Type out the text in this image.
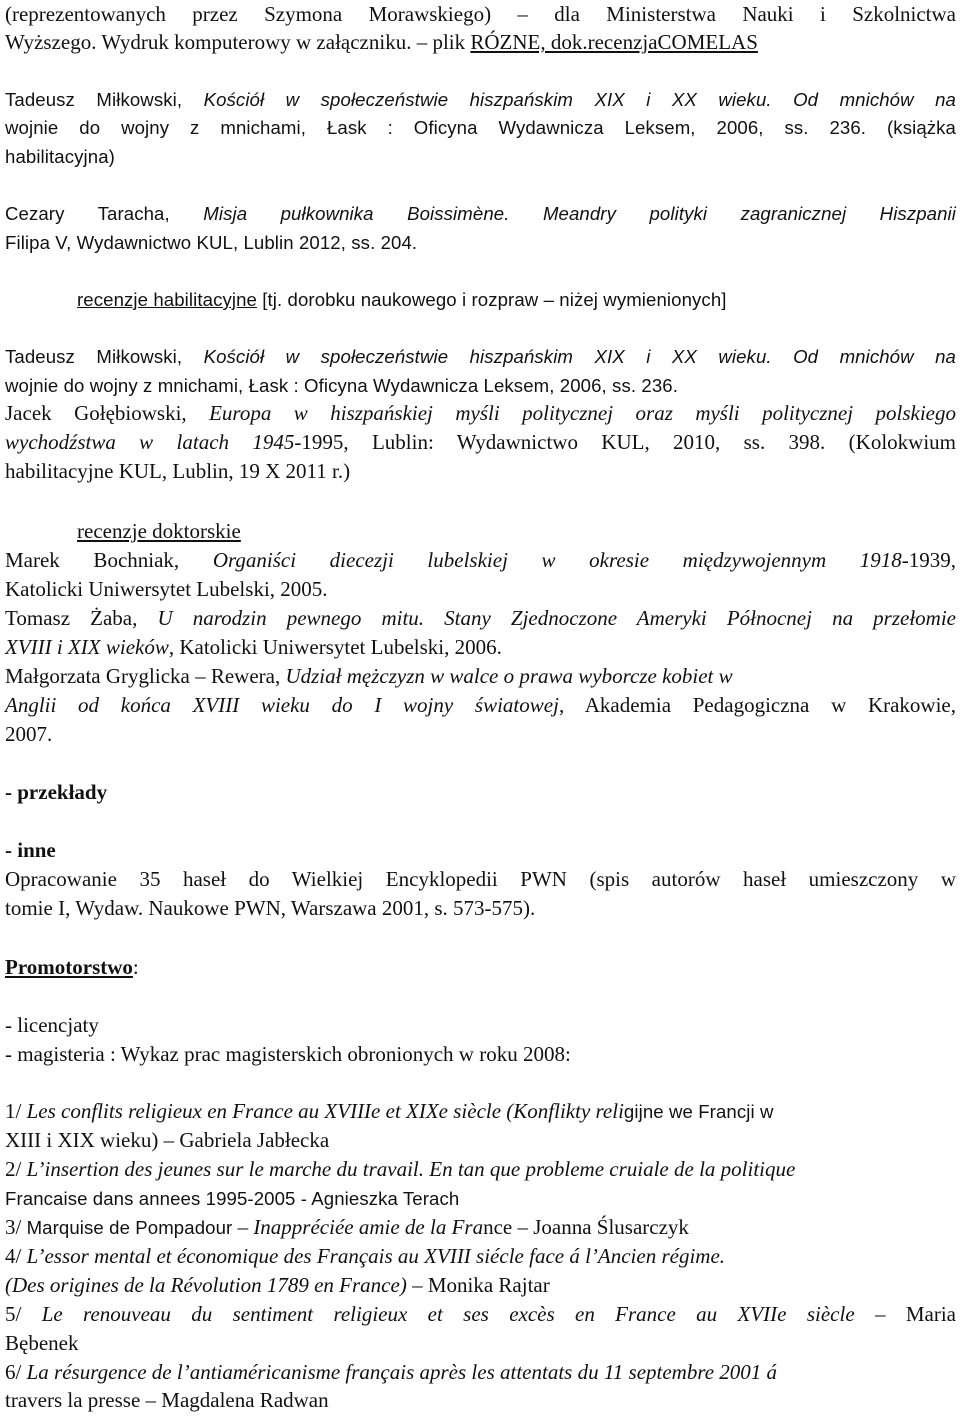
(reprezentowanych przez Szymona Morawskiego) – dla Ministerstwa Nauki i Szkolnictwa
Wyższego. Wydruk komputerowy w załączniku. – plik RÓZNE, dok.recenzjaCOMELAS
Tadeusz Miłkowski, Kościół w społeczeństwie hiszpańskim XIX i XX wieku. Od mnichów na
wojnie do wojny z mnichami, Łask : Oficyna Wydawnicza Leksem, 2006, ss. 236. (książka
habilitacyjna)
Cezary Taracha, Misja pułkownika Boissimène. Meandry polityki zagranicznej Hiszpanii
Filipa V, Wydawnictwo KUL, Lublin 2012, ss. 204.
recenzje habilitacyjne [tj. dorobku naukowego i rozpraw – niżej wymienionych]
Tadeusz Miłkowski, Kościół w społeczeństwie hiszpańskim XIX i XX wieku. Od mnichów na
wojnie do wojny z mnichami, Łask : Oficyna Wydawnicza Leksem, 2006, ss. 236.
Jacek Gołębiowski, Europa w hiszpańskiej myśli politycznej oraz myśli politycznej polskiego
wychodźstwa w latach 1945-1995, Lublin: Wydawnictwo KUL, 2010, ss. 398. (Kolokwium
habilitacyjne KUL, Lublin, 19 X 2011 r.)
recenzje doktorskie
Marek Bochniak, Organiści diecezji lubelskiej w okresie międzywojennym 1918-1939,
Katolicki Uniwersytet Lubelski, 2005.
Tomasz Żaba, U narodzin pewnego mitu. Stany Zjednoczone Ameryki Północnej na przełomie
XVIII i XIX wieków, Katolicki Uniwersytet Lubelski, 2006.
Małgorzata Gryglicka – Rewera, Udział mężczyzn w walce o prawa wyborcze kobiet w
Anglii od końca XVIII wieku do I wojny światowej, Akademia Pedagogiczna w Krakowie,
2007.
- przekłady
- inne
Opracowanie 35 haseł do Wielkiej Encyklopedii PWN (spis autorów haseł umieszczony w
tomie I, Wydaw. Naukowe PWN, Warszawa 2001, s. 573-575).
Promotorstwo:
- licencjaty
- magisteria : Wykaz prac magisterskich obronionych w roku 2008:
1/ Les conflits religieux en France au XVIIIe et XIXe siècle (Konflikty religijne we Francji w
XIII i XIX wieku) – Gabriela Jabłecka
2/ L’insertion des jeunes sur le marche du travail. En tan que probleme cruiale de la politique
Francaise dans annees 1995-2005 - Agnieszka Terach
3/ Marquise de Pompadour – Inappréciée amie de la France – Joanna Ślusarczyk
4/ L’essor mental et économique des Français au XVIII siécle face á l’Ancien régime.
(Des origines de la Révolution 1789 en France) – Monika Rajtar
5/ Le renouveau du sentiment religieux et ses excès en France au XVIIe siècle – Maria
Bębenek
6/ La résurgence de l’antiaméricanisme français après les attentats du 11 septembre 2001 á
travers la presse – Magdalena Radwan
